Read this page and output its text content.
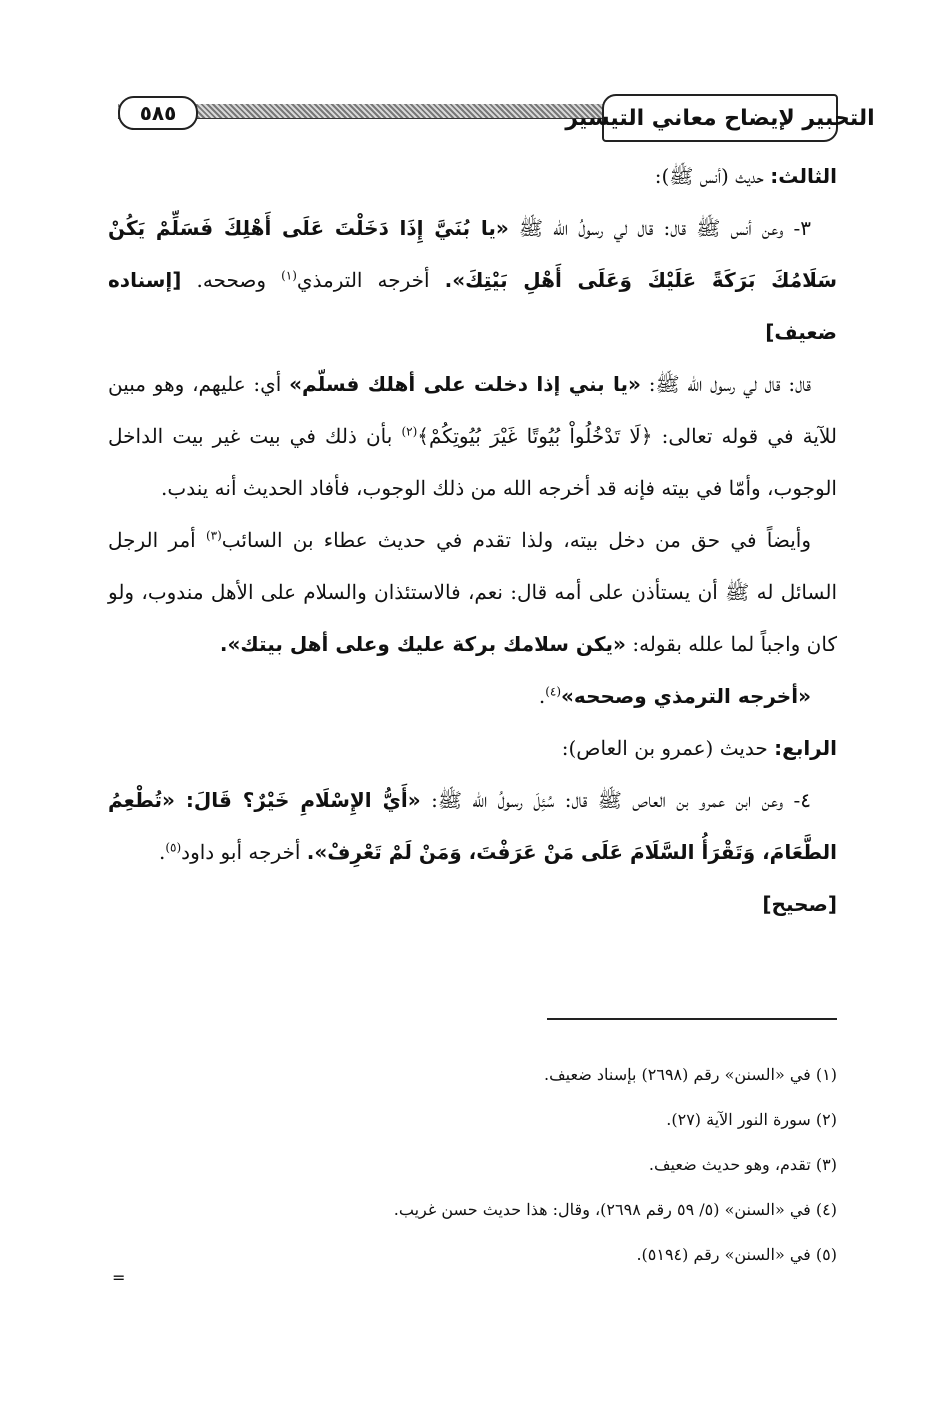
٥٨٥	التحبير لإيضاح معاني التيسير

الثالث: حديث (أنس ﷺ):

٣- وعن أنس ﷺ قال: قال لي رسولُ الله ﷺ «يا بُنَيَّ إِذَا دَخَلْتَ عَلَى أَهْلِكَ فَسَلِّمْ يَكُنْ سَلَامُكَ بَرَكَةً عَلَيْكَ وَعَلَى أَهْلِ بَيْتِكَ». أخرجه الترمذي$^{(١)}$ وصححه. [إسناده ضعيف]

قال: قال لي رسول الله ﷺ: «يا بني إذا دخلت على أهلك فسلّم» أي: عليهم، وهو مبين للآية في قوله تعالى: ﴿لَا تَدْخُلُواْ بُيُوتًا غَيْرَ بُيُوتِكُمْ﴾$^{(٢)}$ بأن ذلك في بيت غير بيت الداخل الوجوب، وأمّا في بيته فإنه قد أخرجه الله من ذلك الوجوب، فأفاد الحديث أنه يندب.

وأيضاً في حق من دخل بيته، ولذا تقدم في حديث عطاء بن السائب$^{(٣)}$ أمر الرجل السائل له ﷺ أن يستأذن على أمه قال: نعم، فالاستئذان والسلام على الأهل مندوب، ولو كان واجباً لما علله بقوله: «يكن سلامك بركة عليك وعلى أهل بيتك».

«أخرجه الترمذي وصححه»$^{(٤)}$.

الرابع: حديث (عمرو بن العاص):

٤- وعن ابن عمرو بن العاص ﷺ قال: سُئِلَ رسولُ الله ﷺ: «أَيُّ الإِسْلَامِ خَيْرٌ؟ قَالَ: «تُطْعِمُ الطَّعَامَ، وَتَقْرَأُ السَّلَامَ عَلَى مَنْ عَرَفْتَ، وَمَنْ لَمْ تَعْرِفْ». أخرجه أبو داود$^{(٥)}$.

[صحيح]

(١) في «السنن» رقم (٢٦٩٨) بإسناد ضعيف.

(٢) سورة النور الآية (٢٧).

(٣) تقدم، وهو حديث ضعيف.

(٤) في «السنن» (٥/ ٥٩ رقم ٢٦٩٨)، وقال: هذا حديث حسن غريب.

(٥) في «السنن» رقم (٥١٩٤).

=
